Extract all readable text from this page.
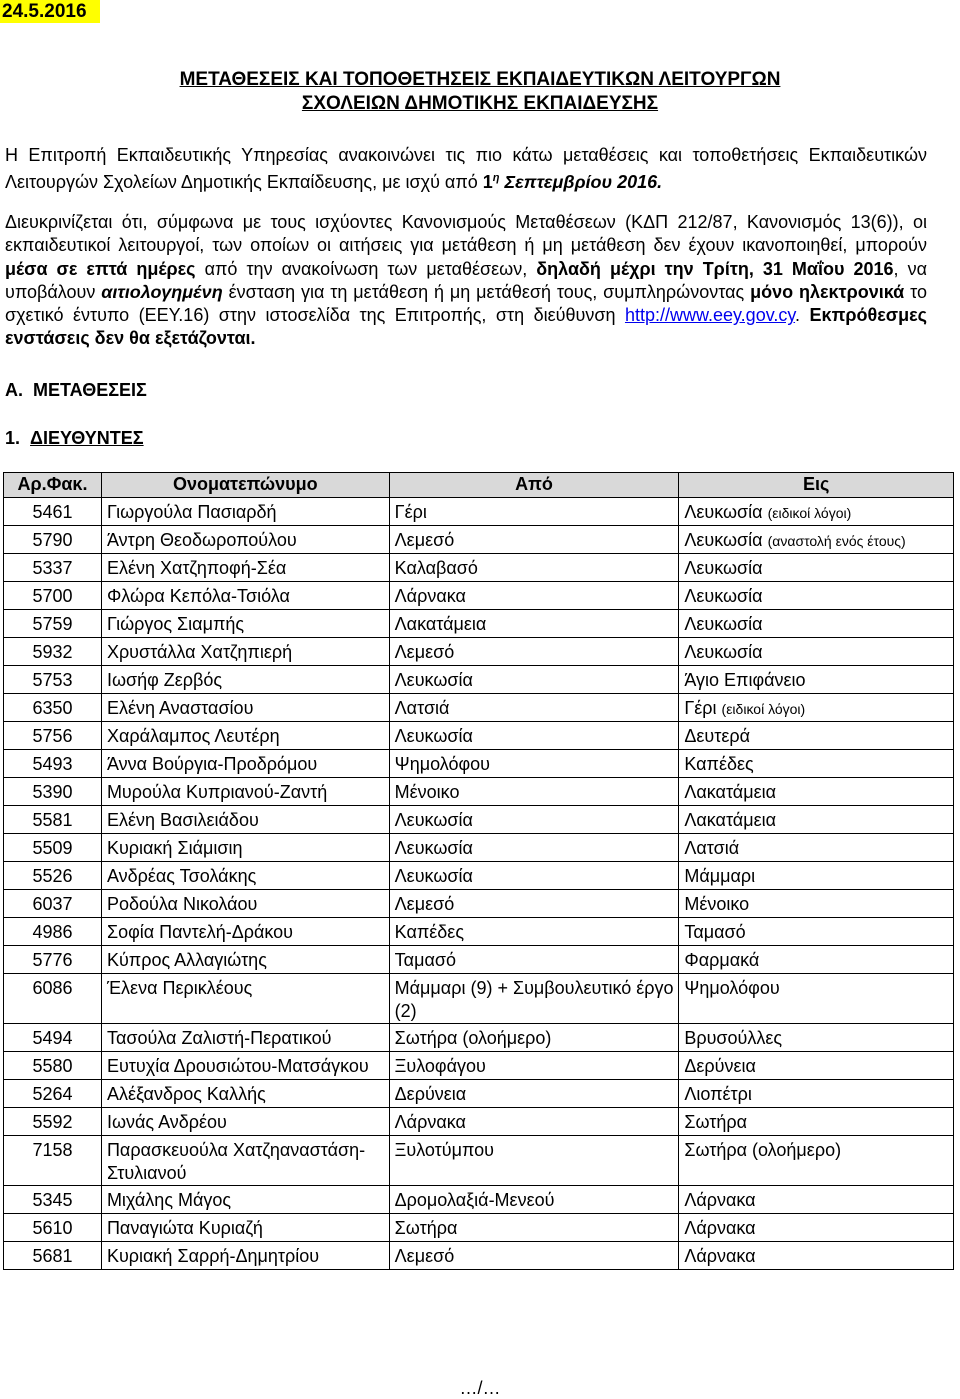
24.5.2016
ΜΕΤΑΘΕΣΕΙΣ ΚΑΙ ΤΟΠΟΘΕΤΗΣΕΙΣ ΕΚΠΑΙΔΕΥΤΙΚΩΝ ΛΕΙΤΟΥΡΓΩΝ
ΣΧΟΛΕΙΩΝ ΔΗΜΟΤΙΚΗΣ ΕΚΠΑΙΔΕΥΣΗΣ
Η Επιτροπή Εκπαιδευτικής Υπηρεσίας ανακοινώνει τις πιο κάτω μεταθέσεις και τοποθετήσεις Εκπαιδευτικών Λειτουργών Σχολείων Δημοτικής Εκπαίδευσης, με ισχύ από $1^\eta$ Σεπτεμβρίου 2016.
Διευκρινίζεται ότι, σύμφωνα με τους ισχύοντες Κανονισμούς Μεταθέσεων (ΚΔΠ 212/87, Κανονισμός 13(6)), οι εκπαιδευτικοί λειτουργοί, των οποίων οι αιτήσεις για μετάθεση ή μη μετάθεση δεν έχουν ικανοποιηθεί, μπορούν μέσα σε επτά ημέρες από την ανακοίνωση των μεταθέσεων, δηλαδή μέχρι την Τρίτη, 31 Μαΐου 2016, να υποβάλουν αιτιολογημένη ένσταση για τη μετάθεση ή μη μετάθεσή τους, συμπληρώνοντας μόνο ηλεκτρονικά το σχετικό έντυπο (ΕΕΥ.16) στην ιστοσελίδα της Επιτροπής, στη διεύθυνση http://www.eey.gov.cy. Εκπρόθεσμες ενστάσεις δεν θα εξετάζονται.
Α. ΜΕΤΑΘΕΣΕΙΣ
1. ΔΙΕΥΘΥΝΤΕΣ
Αρ.Φακ.	Ονοματεπώνυμο	Από	Εις
5461	Γιωργούλα Πασιαρδή	Γέρι	Λευκωσία (ειδικοί λόγοι)
5790	Άντρη Θεοδωροπούλου	Λεμεσό	Λευκωσία (αναστολή ενός έτους)
5337	Ελένη Χατζηποφή-Σέα	Καλαβασό	Λευκωσία
5700	Φλώρα Κεπόλα-Τσιόλα	Λάρνακα	Λευκωσία
5759	Γιώργος Σιαμπής	Λακατάμεια	Λευκωσία
5932	Χρυστάλλα Χατζηπιερή	Λεμεσό	Λευκωσία
5753	Ιωσήφ Ζερβός	Λευκωσία	Άγιο Επιφάνειο
6350	Ελένη Αναστασίου	Λατσιά	Γέρι (ειδικοί λόγοι)
5756	Χαράλαμπος Λευτέρη	Λευκωσία	Δευτερά
5493	Άννα Βούργια-Προδρόμου	Ψημολόφου	Καπέδες
5390	Μυρούλα Κυπριανού-Ζαντή	Μένοικο	Λακατάμεια
5581	Ελένη Βασιλειάδου	Λευκωσία	Λακατάμεια
5509	Κυριακή Σιάμισιη	Λευκωσία	Λατσιά
5526	Ανδρέας Τσολάκης	Λευκωσία	Μάμμαρι
6037	Ροδούλα Νικολάου	Λεμεσό	Μένοικο
4986	Σοφία Παντελή-Δράκου	Καπέδες	Ταμασό
5776	Κύπρος Αλλαγιώτης	Ταμασό	Φαρμακά
6086	Έλενα Περικλέους	Μάμμαρι (9) + Συμβουλευτικό έργο (2)	Ψημολόφου
5494	Τασούλα Ζαλιστή-Περατικού	Σωτήρα (ολοήμερο)	Βρυσούλλες
5580	Ευτυχία Δρουσιώτου-Ματσάγκου	Ξυλοφάγου	Δερύνεια
5264	Αλέξανδρος Καλλής	Δερύνεια	Λιοπέτρι
5592	Ιωνάς Ανδρέου	Λάρνακα	Σωτήρα
7158	Παρασκευούλα Χατζηαναστάση-Στυλιανού	Ξυλοτύμπου	Σωτήρα (ολοήμερο)
5345	Μιχάλης Μάγος	Δρομολαξιά-Μενεού	Λάρνακα
5610	Παναγιώτα Κυριαζή	Σωτήρα	Λάρνακα
5681	Κυριακή Σαρρή-Δημητρίου	Λεμεσό	Λάρνακα
…/…
